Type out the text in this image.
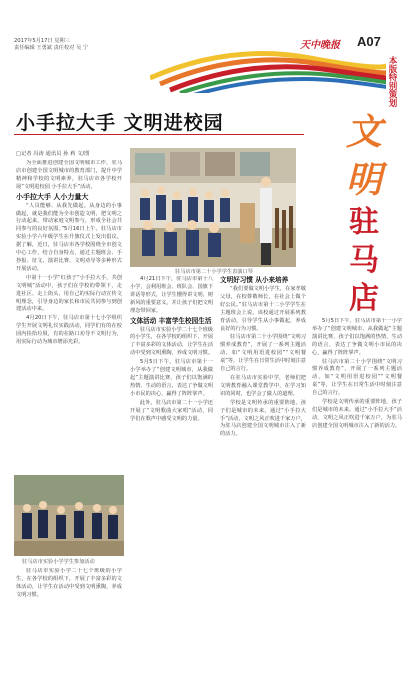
2017年5月17日 星期三
责任编辑 王勇斌 责任校对 吴 宁	天中晚报 A07
本版特别策划
小手拉大手 文明进校园	文
明
驻
马
店
□记者 冯涛 通讯员 孙 莉 文/图

为全面推进创建全国文明城市工作，驻马店市创建全国文明城市的教育部门，提升中学精神和学校的文明素养，驻马店市各学校开展“文明进校园 小手拉大手”活动。

小手拉大手 人小力量大

“人员能够、从我先做起。从身边的小事做起，就是我们能为全市创造文明，把文明之行动起来，带动家庭文明参与，形成全社会共同参与的良好氛围。”5月16日上午，驻马店市实验小学六年级学生在升旗仪式上发出倡议。据了解，近日，驻马店市各学校围绕全市创文中心工作，结合自身特点，通过主题班会、手抄报、征文、演讲比赛、文明劝导等多种形式开展活动。

中第十一小学“红孩子”小手拉大手，共创文明城”活动中，孩子们在学校的带领下，走进社区、走上街头，用自己的实际行动宣传文明理念，引导身边的家长和市民共同参与到创建活动中来。

4月20日下午，驻马店市第十七小学组织学生开展文明礼仪实践活动，同学们有的在校园内捡拾垃圾，有的在路口劝导不文明行为，用实际行动为城市增添光彩。

驻马店市第二十小学学生表演口琴

4月21日下午，驻马店市第十八小学，会利用班会、班队会、国旗下讲话等形式，让学生懂得讲文明、树新风的重要意义，并让孩子们把文明理念带回家。

文体活动 丰富学生校园生活

驻马店市实验小学二十七个班级的小学生，在各学校的组织下，开展了丰富多彩的文体活动，让学生在活动中受到文明熏陶，养成文明习惯。

5月5日下午，驻马店市第十一小学举办了“创建文明城市，从我做起”主题演讲比赛，孩子们以饱满的热情、生动的语言，表达了争做文明小市民的决心，赢得了阵阵掌声。

此外，驻马店市第二十一小学还开展了“文明歌曲大家唱”活动，同学们在歌声中感受文明的力量。

文明好习惯 从小来培养

“我们要做文明小学生，在家孝敬父母，在校尊敬师长，在社会上做个好公民。”驻马店市第十二小学学生在主题班会上说。该校通过开展系列教育活动，引导学生从小事做起，养成良好的行为习惯。

驻马店市第二十小学围绕“文明习惯养成教育”，开展了一系列主题活动，如“文明用语进校园”“文明餐桌”等，让学生在日常生活中时刻注意自己的言行。

在驻马店市实验中学，老师们把文明教育融入课堂教学中，在学习知识的同时，也学会了做人的道理。

学校是文明传承的重要阵地，孩子们是城市的未来。通过“小手拉大手”活动，文明之风正吹进千家万户，为驻马店创建全国文明城市注入了新的活力。

5月5日下午，驻马店市第十一小学举办了“创建文明城市，从我做起”主题演讲比赛，孩子们以饱满的热情、生动的语言，表达了争做文明小市民的决心，赢得了阵阵掌声。

驻马店市第二十小学围绕“文明习惯养成教育”，开展了一系列主题活动，如“文明用语进校园”“文明餐桌”等，让学生在日常生活中时刻注意自己的言行。

学校是文明传承的重要阵地，孩子们是城市的未来。通过“小手拉大手”活动，文明之风正吹进千家万户，为驻马店创建全国文明城市注入了新的活力。

驻马店市实验小学学生参加活动

驻马店市实验小学二十七个班级的小学生，在各学校的组织下，开展了丰富多彩的文体活动，让学生在活动中受到文明熏陶，养成文明习惯。
